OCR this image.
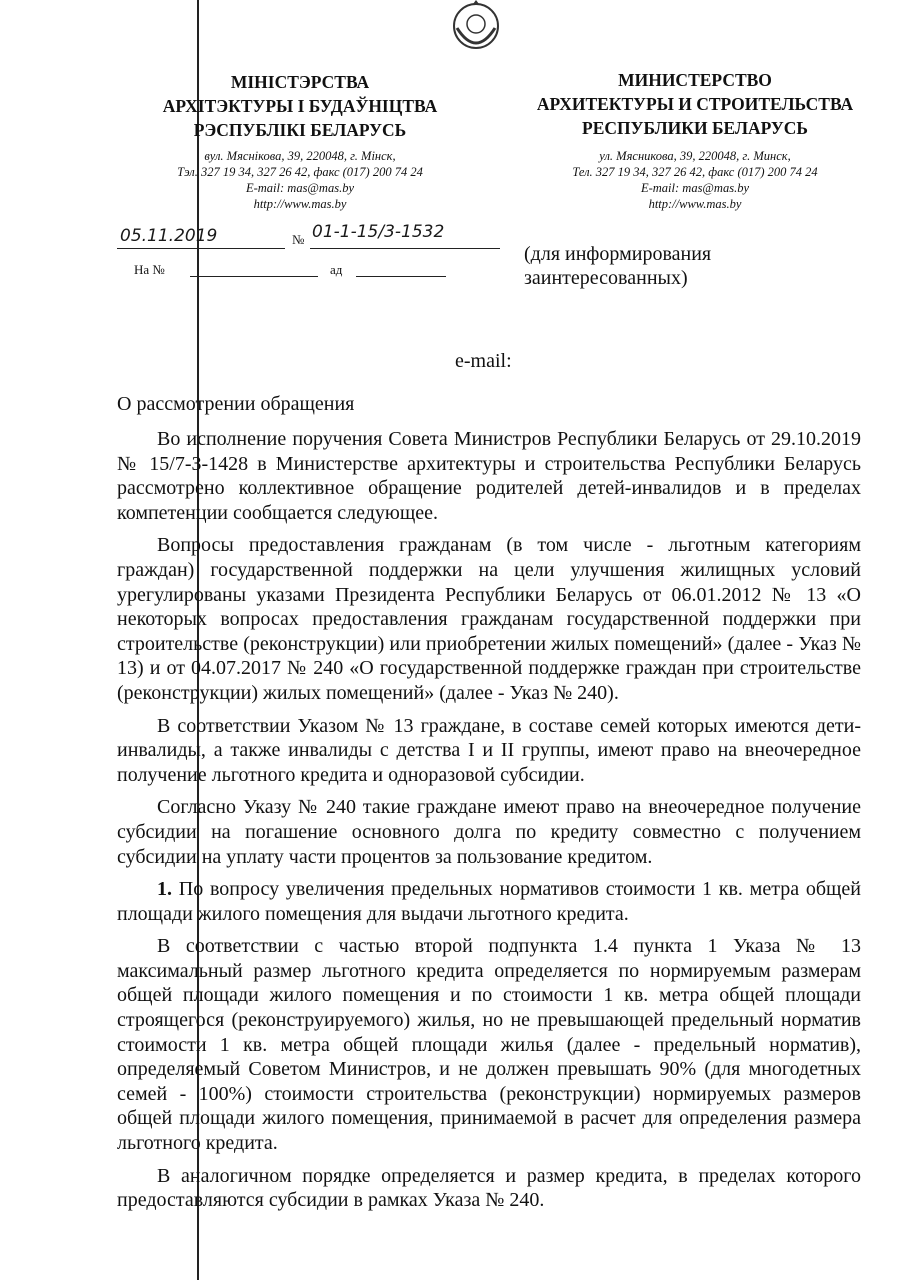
МІНІСТЭРСТВА
АРХІТЭКТУРЫ І БУДАЎНІЦТВА
РЭСПУБЛІКІ БЕЛАРУСЬ
вул. Мяснікова, 39, 220048, г. Мінск,
Тэл. 327 19 34, 327 26 42, факс (017) 200 74 24
E-mail: mas@mas.by
http://www.mas.by
МИНИСТЕРСТВО
АРХИТЕКТУРЫ И СТРОИТЕЛЬСТВА
РЕСПУБЛИКИ БЕЛАРУСЬ
ул. Мясникова, 39, 220048, г. Минск,
Тел. 327 19 34, 327 26 42, факс (017) 200 74 24
E-mail: mas@mas.by
http://www.mas.by
05.11.2019	№ 01-1-15/3-1532
На №	ад
(для информирования
заинтересованных)
e-mail:
О рассмотрении обращения

Во исполнение поручения Совета Министров Республики Беларусь от 29.10.2019 № 15/7-З-1428 в Министерстве архитектуры и строительства Республики Беларусь рассмотрено коллективное обращение родителей детей-инвалидов и в пределах компетенции сообщается следующее.

Вопросы предоставления гражданам (в том числе - льготным категориям граждан) государственной поддержки на цели улучшения жилищных условий урегулированы указами Президента Республики Беларусь от 06.01.2012 № 13 «О некоторых вопросах предоставления гражданам государственной поддержки при строительстве (реконструкции) или приобретении жилых помещений» (далее - Указ № 13) и от 04.07.2017 № 240 «О государственной поддержке граждан при строительстве (реконструкции) жилых помещений» (далее - Указ № 240).

В соответствии Указом № 13 граждане, в составе семей которых имеются дети-инвалиды, а также инвалиды с детства I и II группы, имеют право на внеочередное получение льготного кредита и одноразовой субсидии.

Согласно Указу № 240 такие граждане имеют право на внеочередное получение субсидии на погашение основного долга по кредиту совместно с получением субсидии на уплату части процентов за пользование кредитом.

1. По вопросу увеличения предельных нормативов стоимости 1 кв. метра общей площади жилого помещения для выдачи льготного кредита.

В соответствии с частью второй подпункта 1.4 пункта 1 Указа № 13 максимальный размер льготного кредита определяется по нормируемым размерам общей площади жилого помещения и по стоимости 1 кв. метра общей площади строящегося (реконструируемого) жилья, но не превышающей предельный норматив стоимости 1 кв. метра общей площади жилья (далее - предельный норматив), определяемый Советом Министров, и не должен превышать 90% (для многодетных семей - 100%) стоимости строительства (реконструкции) нормируемых размеров общей площади жилого помещения, принимаемой в расчет для определения размера льготного кредита.

В аналогичном порядке определяется и размер кредита, в пределах которого предоставляются субсидии в рамках Указа № 240.
